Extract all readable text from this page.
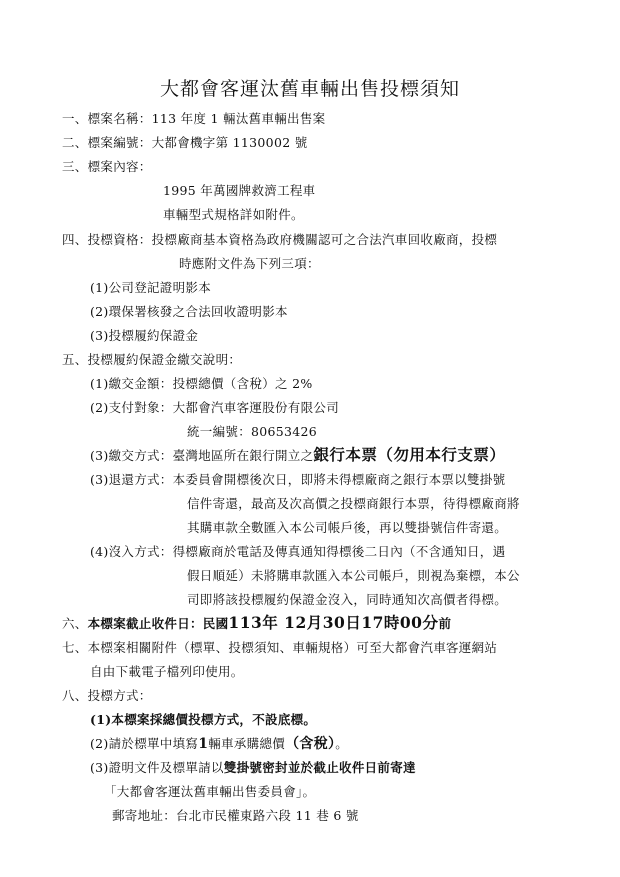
大都會客運汰舊車輛出售投標須知
一、標案名稱：113 年度 1 輛汰舊車輛出售案
二、標案編號：大都會機字第 1130002 號
三、標案內容：
1995 年萬國牌救濟工程車
車輛型式規格詳如附件。
四、投標資格：投標廠商基本資格為政府機關認可之合法汽車回收廠商，投標
時應附文件為下列三項：
(1)公司登記證明影本
(2)環保署核發之合法回收證明影本
(3)投標履約保證金
五、投標履約保證金繳交說明：
(1)繳交金額：投標總價（含稅）之 2%
(2)支付對象：大都會汽車客運股份有限公司
統一編號：80653426
(3)繳交方式：臺灣地區所在銀行開立之銀行本票（勿用本行支票）
(3)退還方式：本委員會開標後次日，即將未得標廠商之銀行本票以雙掛號
信件寄還，最高及次高價之投標商銀行本票，待得標廠商將
其購車款全數匯入本公司帳戶後，再以雙掛號信件寄還。
(4)沒入方式：得標廠商於電話及傳真通知得標後二日內（不含通知日，遇
假日順延）未將購車款匯入本公司帳戶，則視為棄標，本公
司即將該投標履約保證金沒入，同時通知次高價者得標。
六、本標案截止收件日：民國113年 12月30日17時00分前
七、本標案相關附件（標單、投標須知、車輛規格）可至大都會汽車客運網站
自由下載電子檔列印使用。
八、投標方式：
(1)本標案採總價投標方式，不設底標。
(2)請於標單中填寫1輛車承購總價（含稅）。
(3)證明文件及標單請以雙掛號密封並於截止收件日前寄達
「大都會客運汰舊車輛出售委員會」。
郵寄地址：台北市民權東路六段 11 巷 6 號
